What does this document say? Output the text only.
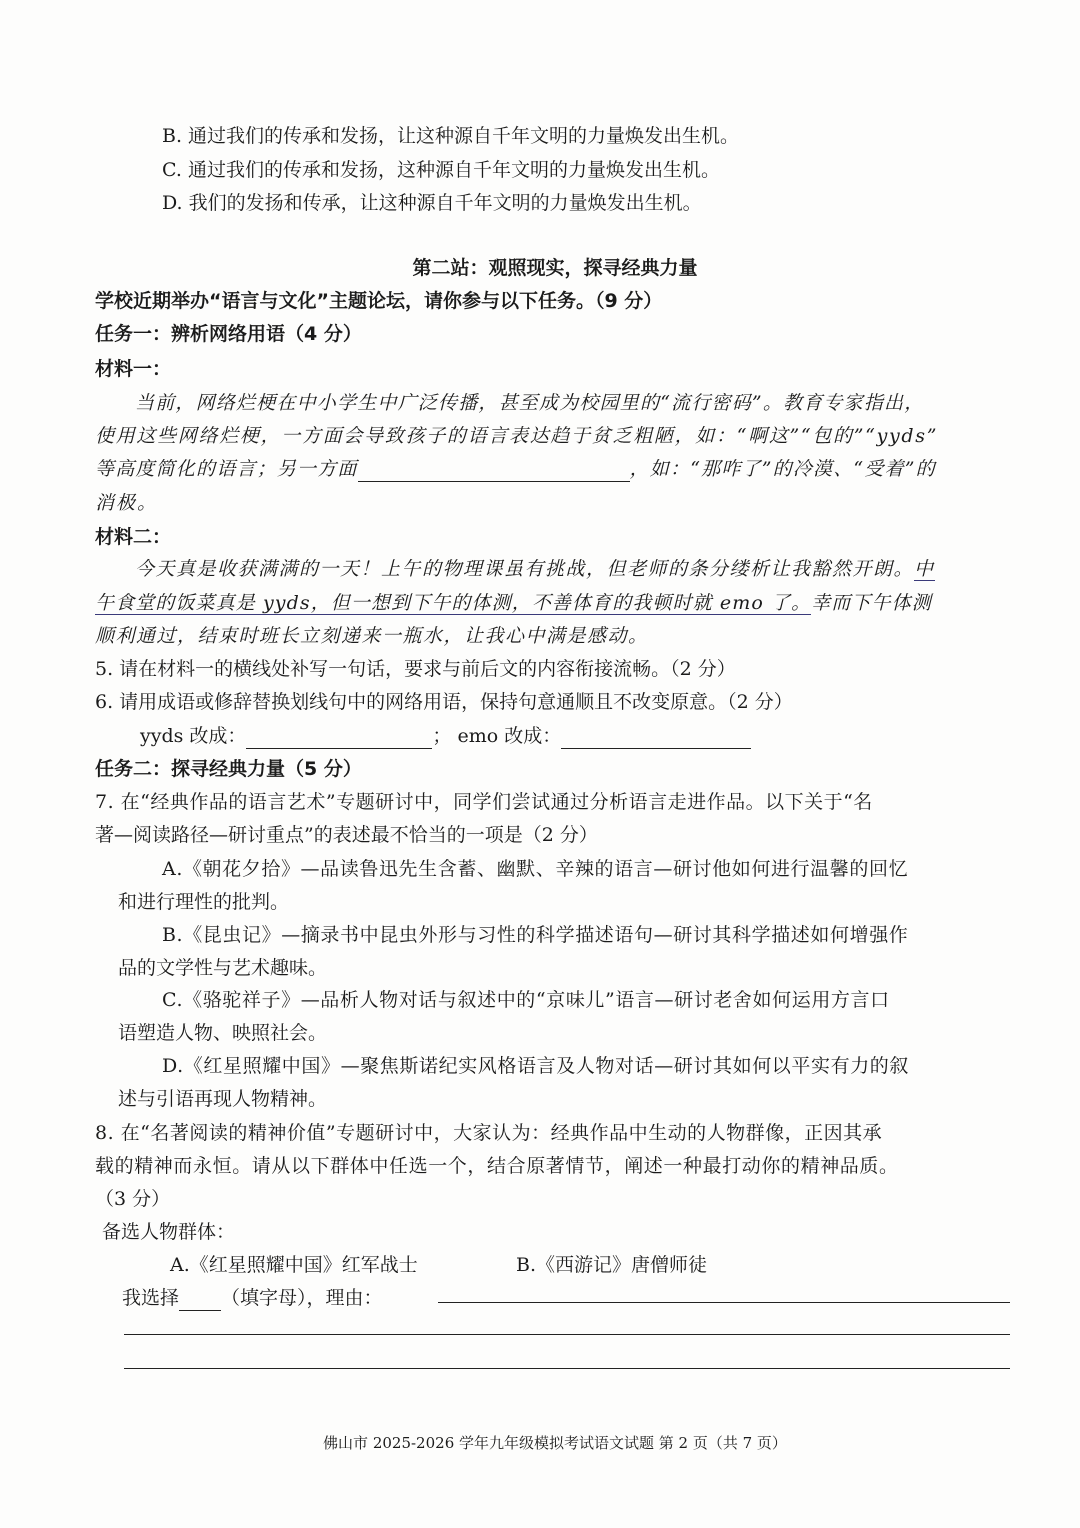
B. 通过我们的传承和发扬，让这种源自千年文明的力量焕发出生机。
C. 通过我们的传承和发扬，这种源自千年文明的力量焕发出生机。
D. 我们的发扬和传承，让这种源自千年文明的力量焕发出生机。
第二站：观照现实，探寻经典力量
学校近期举办“语言与文化”主题论坛，请你参与以下任务。（9 分）
任务一：辨析网络用语（4 分）
材料一：
当前，网络烂梗在中小学生中广泛传播，甚至成为校园里的“流行密码”。教育专家指出，
使用这些网络烂梗，一方面会导致孩子的语言表达趋于贫乏粗陋，如：“啊这”“包的”“yyds”
等高度简化的语言；另一方面	，如：“那咋了”的冷漠、“受着”的
消极。
材料二：
今天真是收获满满的一天！上午的物理课虽有挑战，但老师的条分缕析让我豁然开朗。中
午食堂的饭菜真是 yyds，但一想到下午的体测，不善体育的我顿时就 emo 了。幸而下午体测
顺利通过，结束时班长立刻递来一瓶水，让我心中满是感动。
5. 请在材料一的横线处补写一句话，要求与前后文的内容衔接流畅。（2 分）
6. 请用成语或修辞替换划线句中的网络用语，保持句意通顺且不改变原意。（2 分）
yyds 改成：	； emo 改成：
任务二：探寻经典力量（5 分）
7. 在“经典作品的语言艺术”专题研讨中，同学们尝试通过分析语言走进作品。以下关于“名
著—阅读路径—研讨重点”的表述最不恰当的一项是（2 分）
A.《朝花夕拾》—品读鲁迅先生含蓄、幽默、辛辣的语言—研讨他如何进行温馨的回忆
和进行理性的批判。
B.《昆虫记》—摘录书中昆虫外形与习性的科学描述语句—研讨其科学描述如何增强作
品的文学性与艺术趣味。
C.《骆驼祥子》—品析人物对话与叙述中的“京味儿”语言—研讨老舍如何运用方言口
语塑造人物、映照社会。
D.《红星照耀中国》—聚焦斯诺纪实风格语言及人物对话—研讨其如何以平实有力的叙
述与引语再现人物精神。
8. 在“名著阅读的精神价值”专题研讨中，大家认为：经典作品中生动的人物群像，正因其承
载的精神而永恒。请从以下群体中任选一个，结合原著情节，阐述一种最打动你的精神品质。
（3 分）
备选人物群体：
A.《红星照耀中国》红军战士	B.《西游记》唐僧师徒
我选择 （填字母），理由：
佛山市 2025-2026 学年九年级模拟考试语文试题 第 2 页（共 7 页）
